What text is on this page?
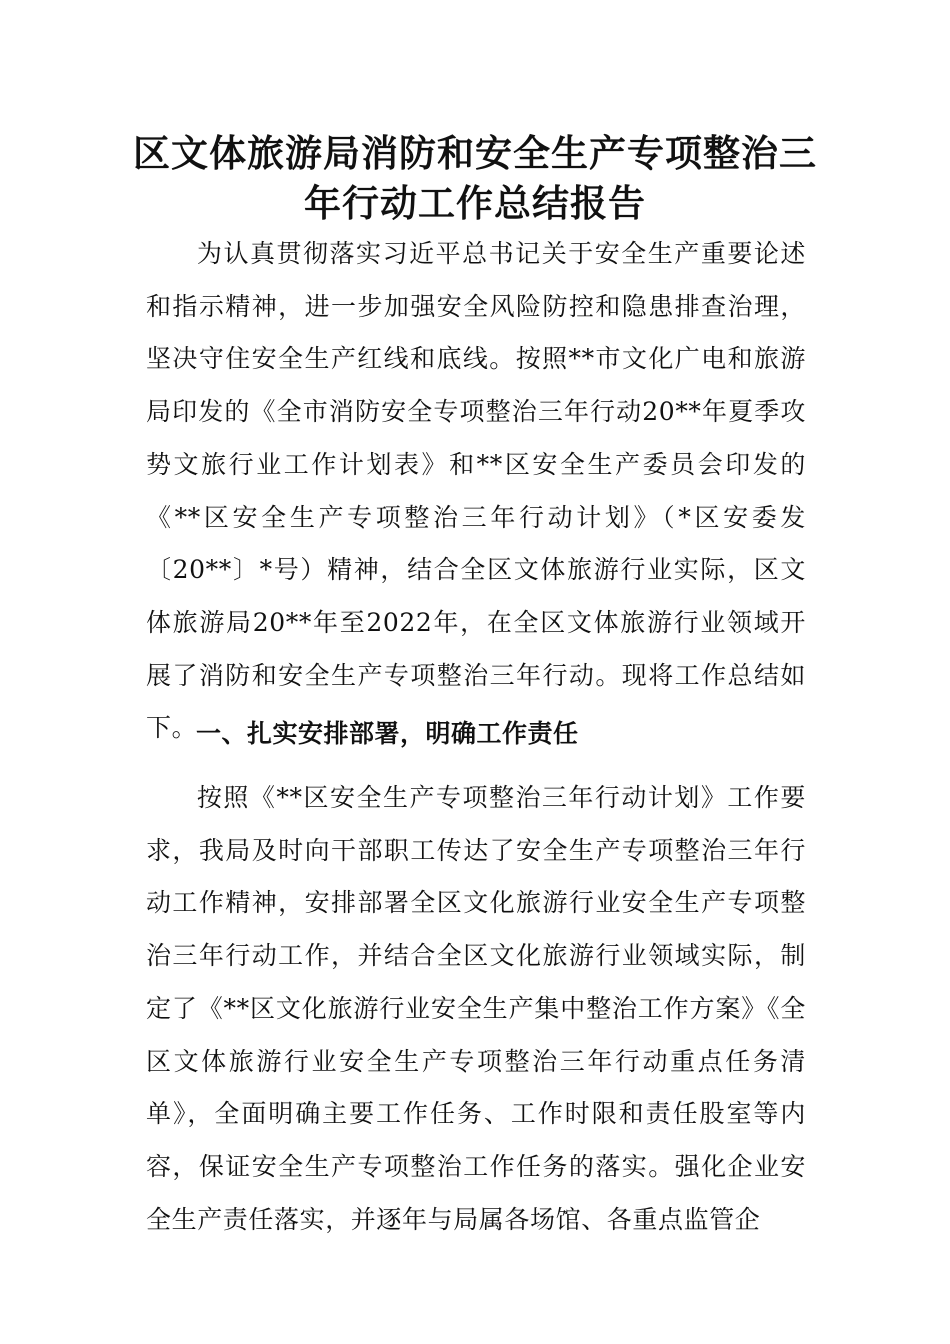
区文体旅游局消防和安全生产专项整治三
年行动工作总结报告

为认真贯彻落实习近平总书记关于安全生产重要论述和指示精神，进一步加强安全风险防控和隐患排查治理，坚决守住安全生产红线和底线。按照**市文化广电和旅游局印发的《全市消防安全专项整治三年行动20**年夏季攻势文旅行业工作计划表》和**区安全生产委员会印发的《**区安全生产专项整治三年行动计划》（*区安委发〔20**〕*号）精神，结合全区文体旅游行业实际，区文体旅游局20**年至2022年，在全区文体旅游行业领域开展了消防和安全生产专项整治三年行动。现将工作总结如下。

一、扎实安排部署，明确工作责任

按照《**区安全生产专项整治三年行动计划》工作要求，我局及时向干部职工传达了安全生产专项整治三年行动工作精神，安排部署全区文化旅游行业安全生产专项整治三年行动工作，并结合全区文化旅游行业领域实际，制定了《**区文化旅游行业安全生产集中整治工作方案》《全区文体旅游行业安全生产专项整治三年行动重点任务清单》，全面明确主要工作任务、工作时限和责任股室等内容，保证安全生产专项整治工作任务的落实。强化企业安全生产责任落实，并逐年与局属各场馆、各重点监管企
